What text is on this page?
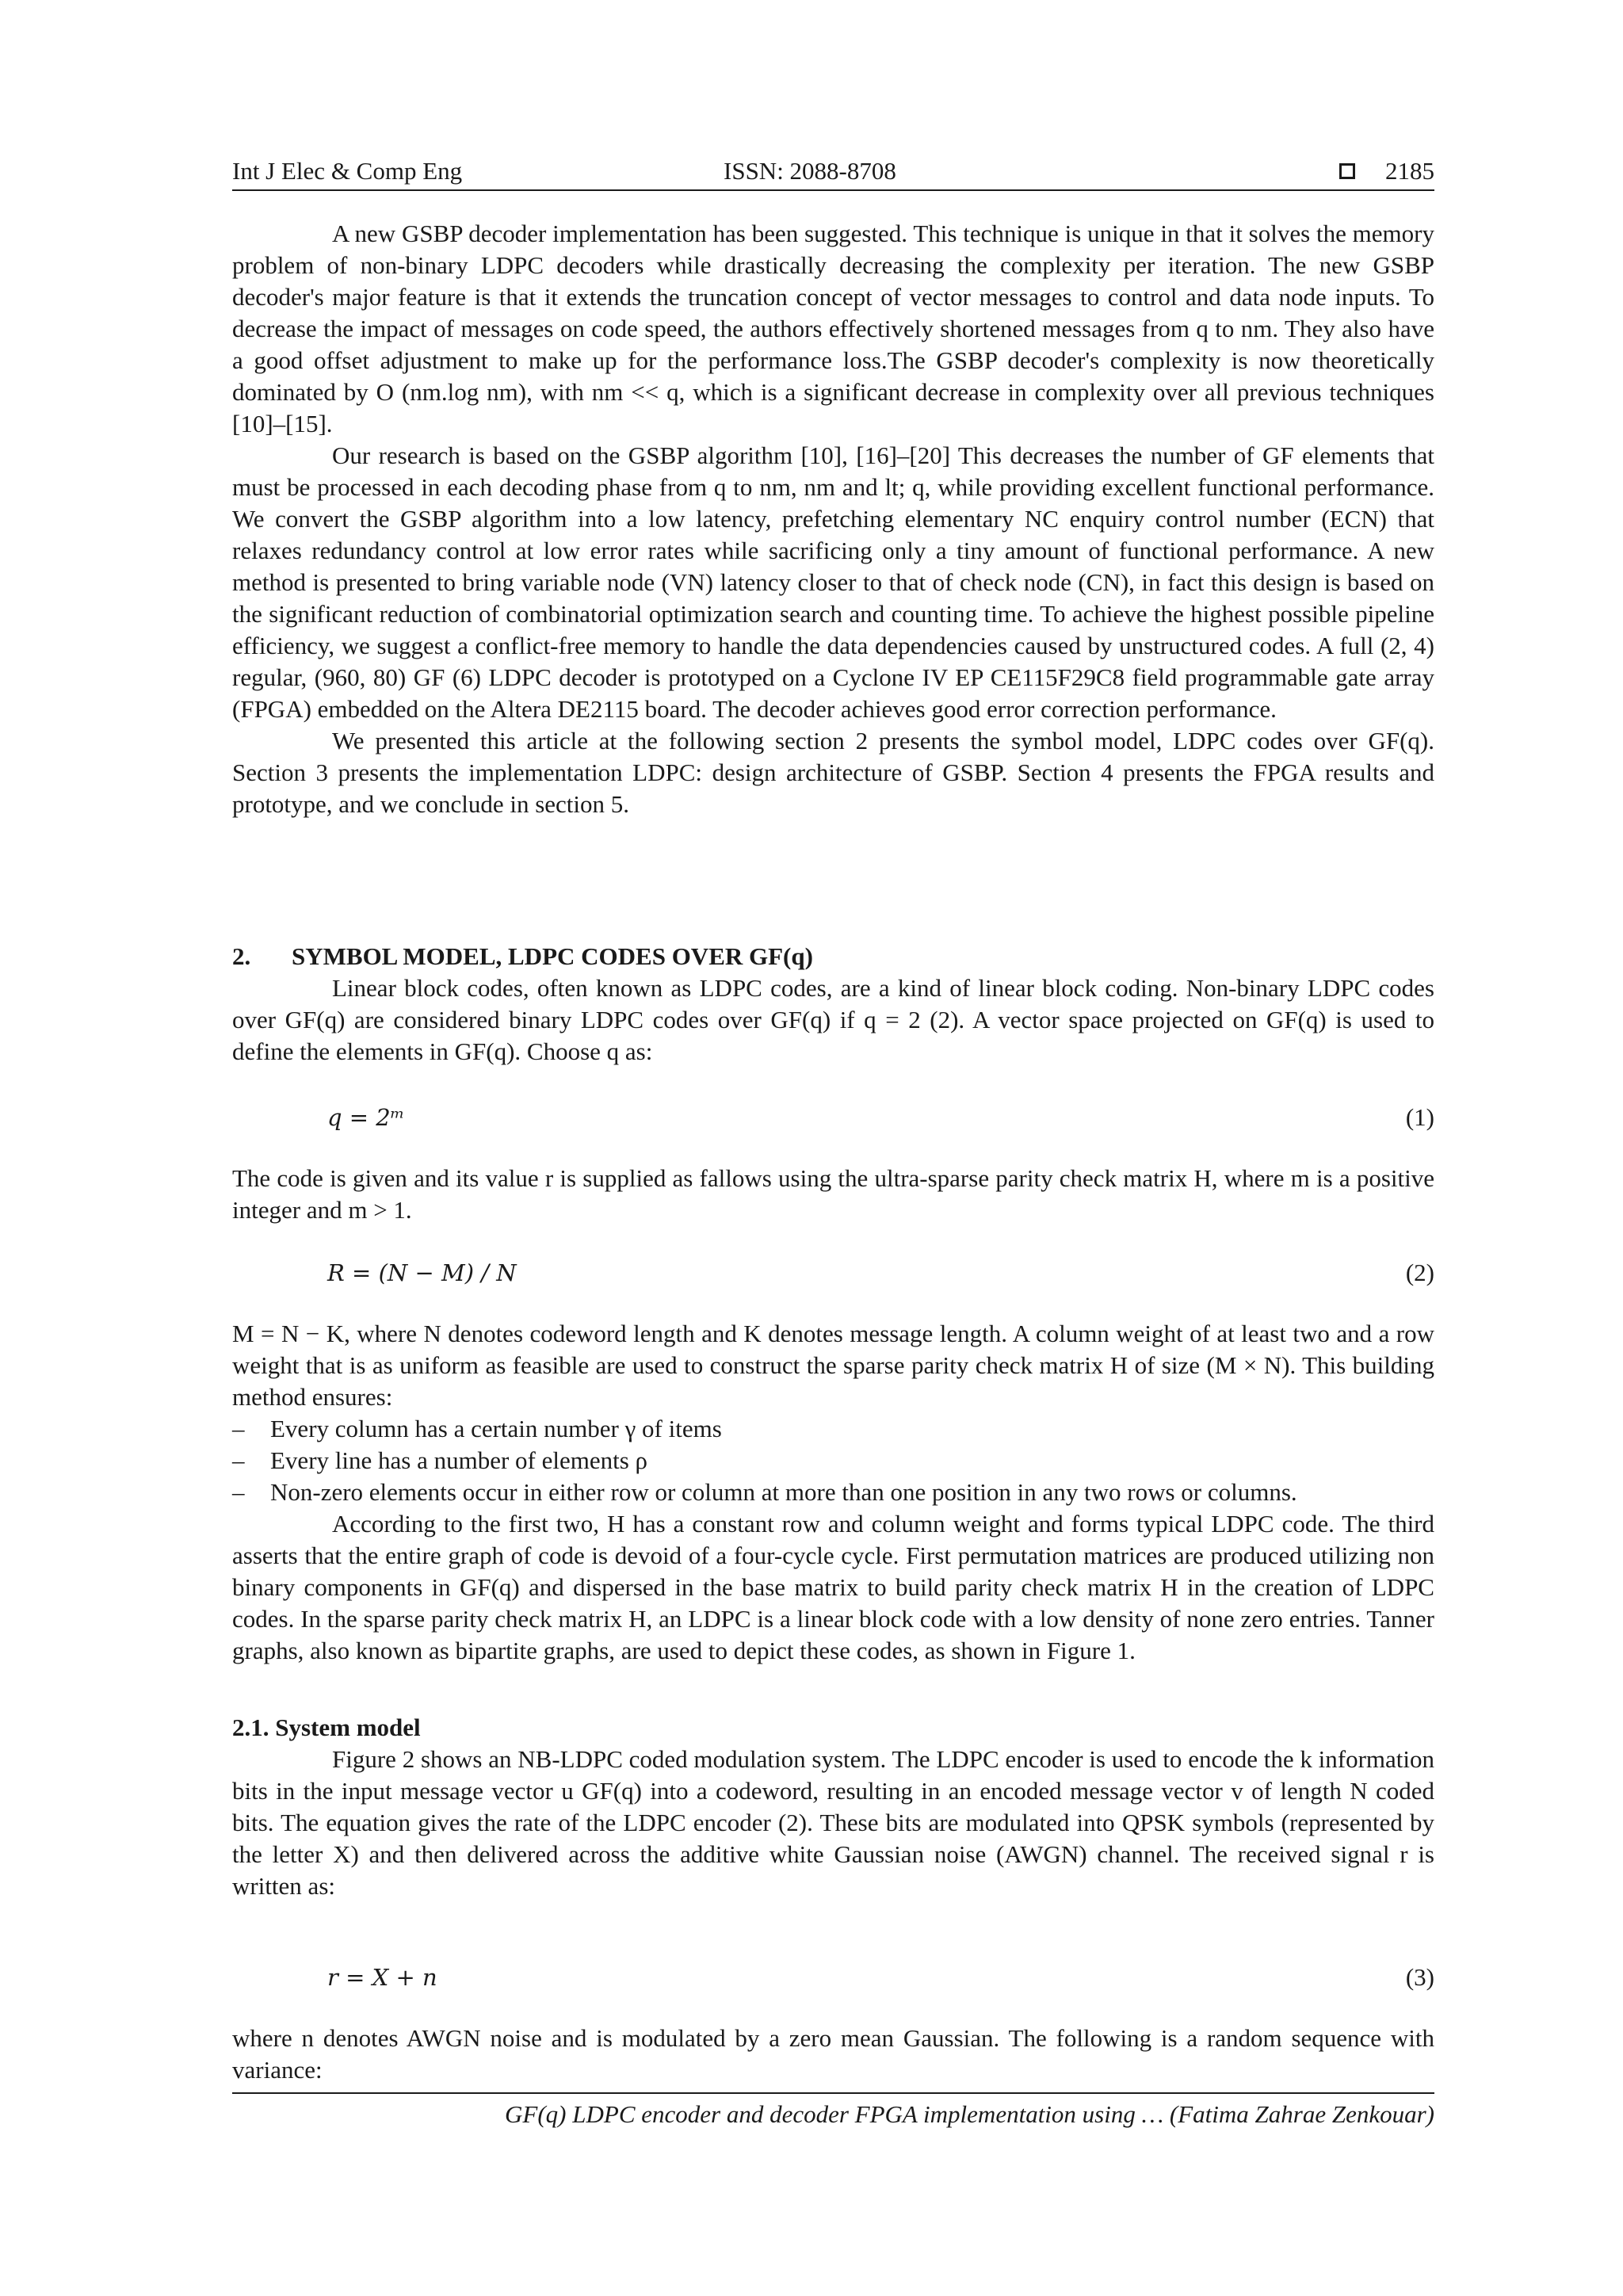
Int J Elec & Comp Eng	ISSN: 2088-8708	2185

A new GSBP decoder implementation has been suggested. This technique is unique in that it solves the memory problem of non-binary LDPC decoders while drastically decreasing the complexity per iteration. The new GSBP decoder's major feature is that it extends the truncation concept of vector messages to control and data node inputs. To decrease the impact of messages on code speed, the authors effectively shortened messages from q to nm. They also have a good offset adjustment to make up for the performance loss.The GSBP decoder's complexity is now theoretically dominated by O (nm.log nm), with nm << q, which is a significant decrease in complexity over all previous techniques [10]–[15].

Our research is based on the GSBP algorithm [10], [16]–[20] This decreases the number of GF elements that must be processed in each decoding phase from q to nm, nm and lt; q, while providing excellent functional performance. We convert the GSBP algorithm into a low latency, prefetching elementary NC enquiry control number (ECN) that relaxes redundancy control at low error rates while sacrificing only a tiny amount of functional performance. A new method is presented to bring variable node (VN) latency closer to that of check node (CN), in fact this design is based on the significant reduction of combinatorial optimization search and counting time. To achieve the highest possible pipeline efficiency, we suggest a conflict-free memory to handle the data dependencies caused by unstructured codes. A full (2, 4) regular, (960, 80) GF (6) LDPC decoder is prototyped on a Cyclone IV EP CE115F29C8 field programmable gate array (FPGA) embedded on the Altera DE2115 board. The decoder achieves good error correction performance.

We presented this article at the following section 2 presents the symbol model, LDPC codes over GF(q). Section 3 presents the implementation LDPC: design architecture of GSBP. Section 4 presents the FPGA results and prototype, and we conclude in section 5.

2. SYMBOL MODEL, LDPC CODES OVER GF(q)

Linear block codes, often known as LDPC codes, are a kind of linear block coding. Non-binary LDPC codes over GF(q) are considered binary LDPC codes over GF(q) if q = 2 (2). A vector space projected on GF(q) is used to define the elements in GF(q). Choose q as:

q = 2ᵐ	(1)

The code is given and its value r is supplied as fallows using the ultra-sparse parity check matrix H, where m is a positive integer and m > 1.

R = (N − M) / N	(2)

M = N − K, where N denotes codeword length and K denotes message length. A column weight of at least two and a row weight that is as uniform as feasible are used to construct the sparse parity check matrix H of size (M × N). This building method ensures:

– Every column has a certain number γ of items
– Every line has a number of elements ρ
– Non-zero elements occur in either row or column at more than one position in any two rows or columns.

According to the first two, H has a constant row and column weight and forms typical LDPC code. The third asserts that the entire graph of code is devoid of a four-cycle cycle. First permutation matrices are produced utilizing non binary components in GF(q) and dispersed in the base matrix to build parity check matrix H in the creation of LDPC codes. In the sparse parity check matrix H, an LDPC is a linear block code with a low density of none zero entries. Tanner graphs, also known as bipartite graphs, are used to depict these codes, as shown in Figure 1.

2.1. System model

Figure 2 shows an NB-LDPC coded modulation system. The LDPC encoder is used to encode the k information bits in the input message vector u GF(q) into a codeword, resulting in an encoded message vector v of length N coded bits. The equation gives the rate of the LDPC encoder (2). These bits are modulated into QPSK symbols (represented by the letter X) and then delivered across the additive white Gaussian noise (AWGN) channel. The received signal r is written as:

r = X + n	(3)

where n denotes AWGN noise and is modulated by a zero mean Gaussian. The following is a random sequence with variance:

GF(q) LDPC encoder and decoder FPGA implementation using … (Fatima Zahrae Zenkouar)
